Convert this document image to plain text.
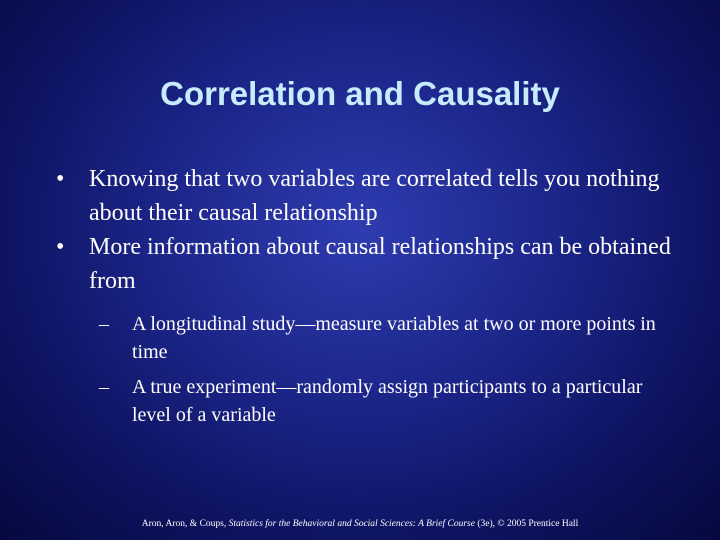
Correlation and Causality
•	Knowing that two variables are correlated tells you nothing about their causal relationship
•	More information about causal relationships can be obtained from
– A longitudinal study—measure variables at two or more points in time
– A true experiment—randomly assign participants to a particular level of a variable
Aron, Aron, & Coups, Statistics for the Behavioral and Social Sciences: A Brief Course (3e), © 2005 Prentice Hall
